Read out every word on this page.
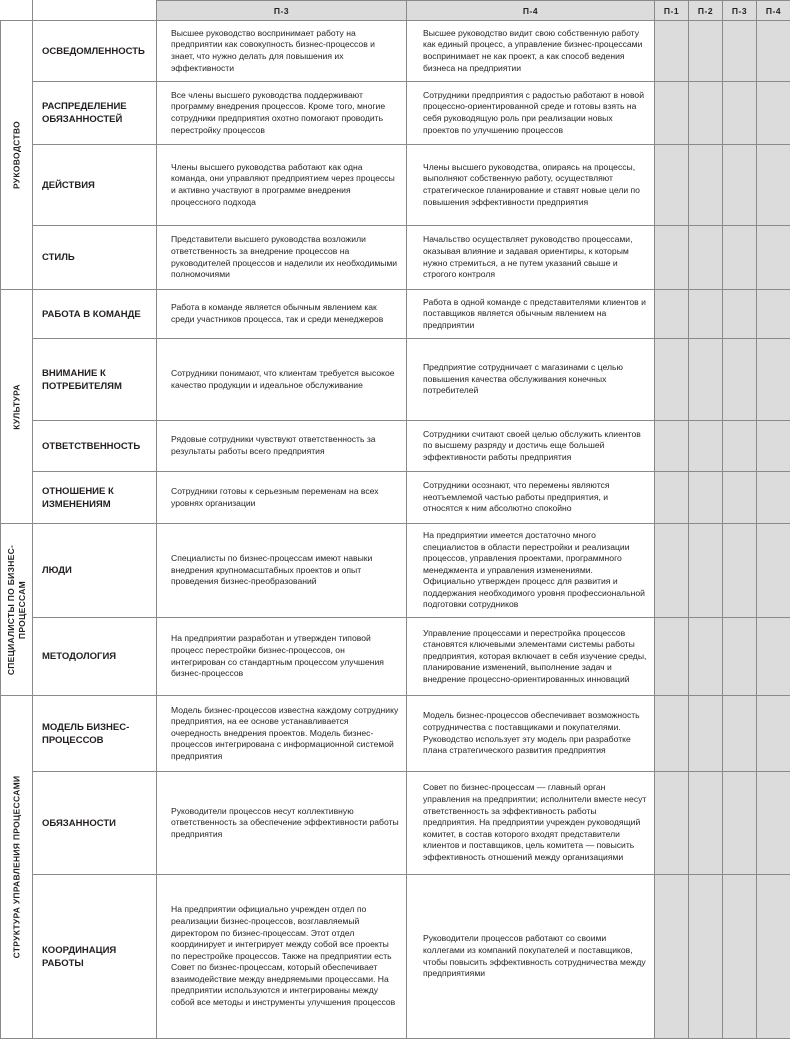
		П-3	П-4	П-1	П-2	П-3	П-4

РУКОВОДСТВО	ОСВЕДОМЛЕННОСТЬ	Высшее руководство воспринимает работу на предприятии как совокупность бизнес-процессов и знает, что нужно делать для повышения их эффективности	Высшее руководство видит свою собственную работу как единый процесс, а управление бизнес-процессами воспринимает не как проект, а как способ ведения бизнеса на предприятии				
	РАСПРЕДЕЛЕНИЕ ОБЯЗАННОСТЕЙ	Все члены высшего руководства поддерживают программу внедрения процессов. Кроме того, многие сотрудники предприятия охотно помогают проводить перестройку процессов	Сотрудники предприятия с радостью работают в новой процессно-ориентированной среде и готовы взять на себя руководящую роль при реализации новых проектов по улучшению процессов				
	ДЕЙСТВИЯ	Члены высшего руководства работают как одна команда, они управляют предприятием через процессы и активно участвуют в программе внедрения процессного подхода	Члены высшего руководства, опираясь на процессы, выполняют собственную работу, осуществляют стратегическое планирование и ставят новые цели по повышения эффективности предприятия				
	СТИЛЬ	Представители высшего руководства возложили ответственность за внедрение процессов на руководителей процессов и наделили их необходимыми полномочиями	Начальство осуществляет руководство процессами, оказывая влияние и задавая ориентиры, к которым нужно стремиться, а не путем указаний свыше и строгого контроля				

КУЛЬТУРА	РАБОТА В КОМАНДЕ	Работа в команде является обычным явлением как среди участников процесса, так и среди менеджеров	Работа в одной команде с представителями клиентов и поставщиков является обычным явлением на предприятии				
	ВНИМАНИЕ К ПОТРЕБИТЕЛЯМ	Сотрудники понимают, что клиентам требуется высокое качество продукции и идеальное обслуживание	Предприятие сотрудничает с магазинами с целью повышения качества обслуживания конечных потребителей				
	ОТВЕТСТВЕННОСТЬ	Рядовые сотрудники чувствуют ответственность за результаты работы всего предприятия	Сотрудники считают своей целью обслужить клиентов по высшему разряду и достичь еще большей эффективности работы предприятия				
	ОТНОШЕНИЕ К ИЗМЕНЕНИЯМ	Сотрудники готовы к серьезным переменам на всех уровнях организации	Сотрудники осознают, что перемены являются неотъемлемой частью работы предприятия, и относятся к ним абсолютно спокойно				

СПЕЦИАЛИСТЫ ПО БИЗНЕС-
ПРОЦЕССАМ	ЛЮДИ	Специалисты по бизнес-процессам имеют навыки внедрения крупномасштабных проектов и опыт проведения бизнес-преобразований	На предприятии имеется достаточно много специалистов в области перестройки и реализации процессов, управления проектами, программного менеджмента и управления изменениями. Официально утвержден процесс для развития и поддержания необходимого уровня профессиональной подготовки сотрудников				
	МЕТОДОЛОГИЯ	На предприятии разработан и утвержден типовой процесс перестройки бизнес-процессов, он интегрирован со стандартным процессом улучшения бизнес-процессов	Управление процессами и перестройка процессов становятся ключевыми элементами системы работы предприятия, которая включает в себя изучение среды, планирование изменений, выполнение задач и внедрение процессно-ориентированных инноваций				

СТРУКТУРА УПРАВЛЕНИЯ ПРОЦЕССАМИ	МОДЕЛЬ БИЗНЕС-ПРОЦЕССОВ	Модель бизнес-процессов известна каждому сотруднику предприятия, на ее основе устанавливается очередность внедрения проектов. Модель бизнес-процессов интегрирована с информационной системой предприятия	Модель бизнес-процессов обеспечивает возможность сотрудничества с поставщиками и покупателями. Руководство использует эту модель при разработке плана стратегического развития предприятия				
	ОБЯЗАННОСТИ	Руководители процессов несут коллективную ответственность за обеспечение эффективности работы предприятия	Совет по бизнес-процессам — главный орган управления на предприятии; исполнители вместе несут ответственность за эффективность работы предприятия. На предприятии учрежден руководящий комитет, в состав которого входят представители клиентов и поставщиков, цель комитета — повысить эффективность отношений между организациями				
	КООРДИНАЦИЯ РАБОТЫ	На предприятии официально учрежден отдел по реализации бизнес-процессов, возглавляемый директором по бизнес-процессам. Этот отдел координирует и интегрирует между собой все проекты по перестройке процессов. Также на предприятии есть Совет по бизнес-процессам, который обеспечивает взаимодействие между внедряемыми процессами. На предприятии используются и интегрированы между собой все методы и инструменты улучшения процессов	Руководители процессов работают со своими коллегами из компаний покупателей и поставщиков, чтобы повысить эффективность сотрудничества между предприятиями				
